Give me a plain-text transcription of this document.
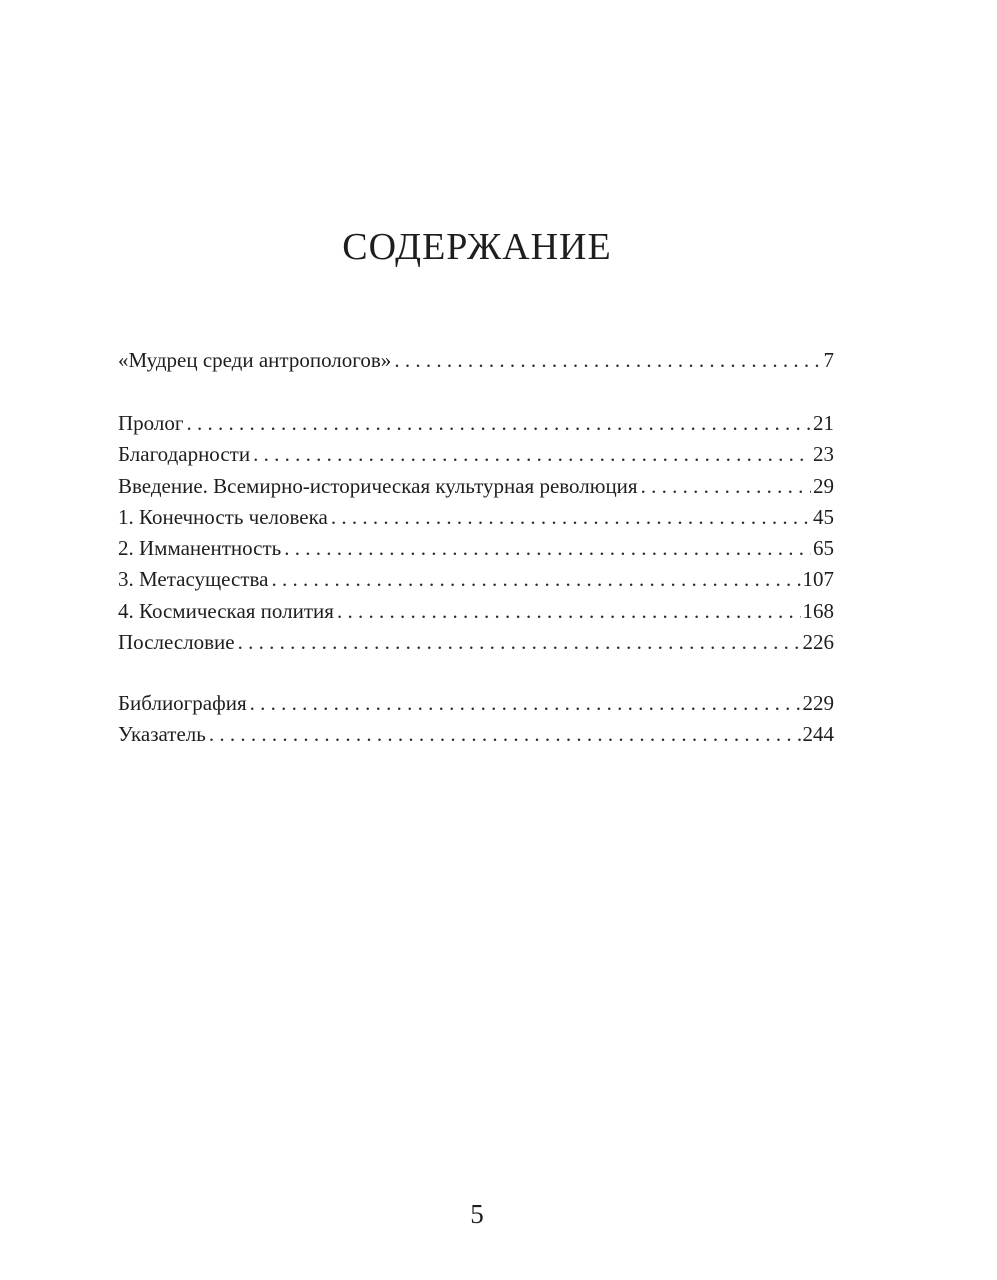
СОДЕРЖАНИЕ
«Мудрец среди антропологов» . . .	7
Пролог . . .	21
Благодарности . . .	23
Введение. Всемирно-историческая культурная революция . . .	29
1. Конечность человека . . .	45
2. Имманентность . . .	65
3. Метасущества . . .	107
4. Космическая полития . . .	168
Послесловие . . .	226
Библиография . . .	229
Указатель . . .	244
5
